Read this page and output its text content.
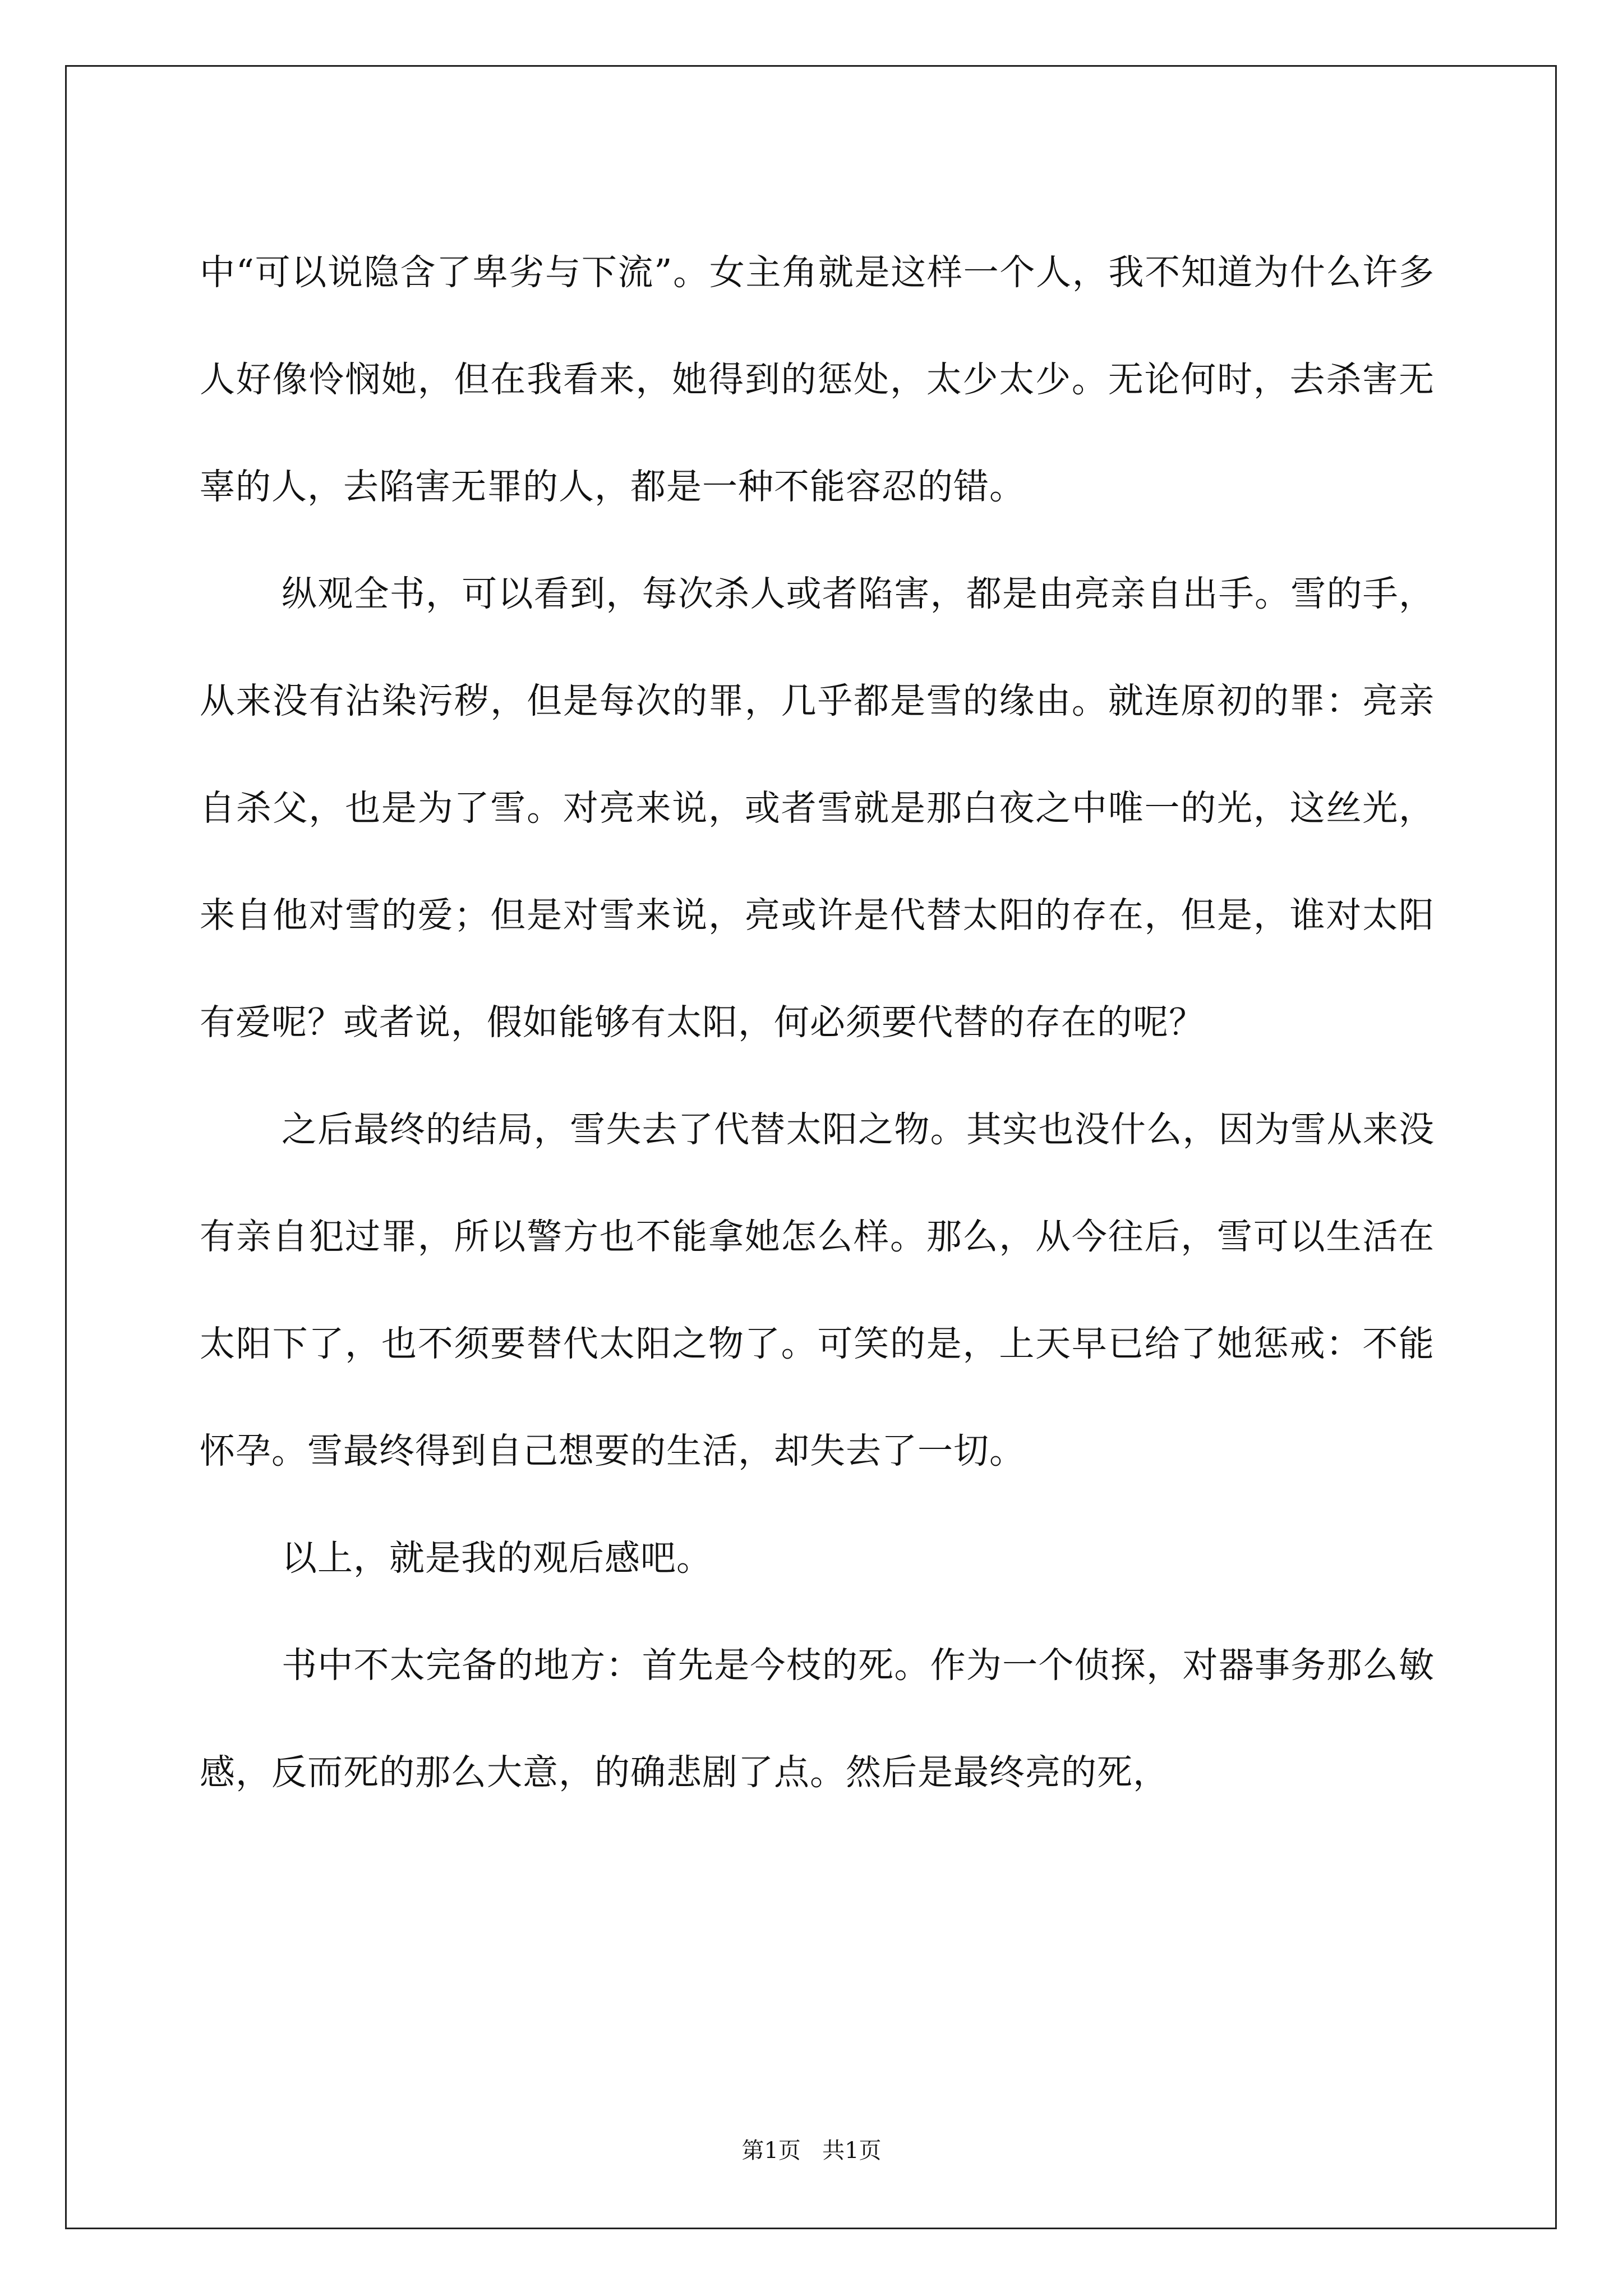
中“可以说隐含了卑劣与下流”。女主角就是这样一个人，我不知道为什么许多人好像怜悯她，但在我看来，她得到的惩处，太少太少。无论何时，去杀害无辜的人，去陷害无罪的人，都是一种不能容忍的错。

纵观全书，可以看到，每次杀人或者陷害，都是由亮亲自出手。雪的手，从来没有沾染污秽，但是每次的罪，几乎都是雪的缘由。就连原初的罪：亮亲自杀父，也是为了雪。对亮来说，或者雪就是那白夜之中唯一的光，这丝光，来自他对雪的爱；但是对雪来说，亮或许是代替太阳的存在，但是，谁对太阳有爱呢？或者说，假如能够有太阳，何必须要代替的存在的呢？

之后最终的结局，雪失去了代替太阳之物。其实也没什么，因为雪从来没有亲自犯过罪，所以警方也不能拿她怎么样。那么，从今往后，雪可以生活在太阳下了，也不须要替代太阳之物了。可笑的是，上天早已给了她惩戒：不能怀孕。雪最终得到自己想要的生活，却失去了一切。

以上，就是我的观后感吧。

书中不太完备的地方：首先是今枝的死。作为一个侦探，对器事务那么敏感，反而死的那么大意，的确悲剧了点。然后是最终亮的死，

第1页 共1页
